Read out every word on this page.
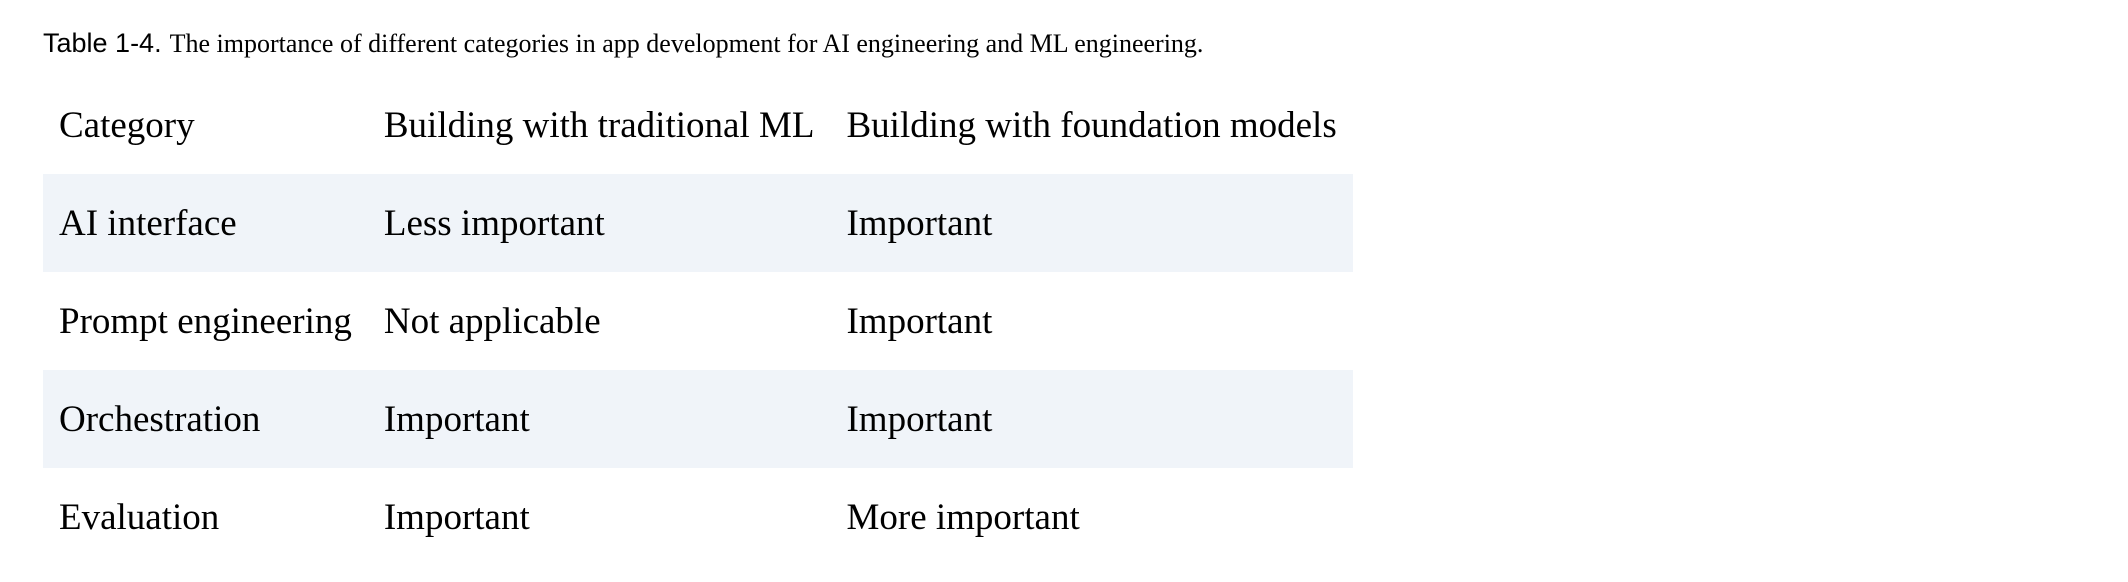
Table 1-4. The importance of different categories in app development for AI engineering and ML engineering.
Category	Building with traditional ML	Building with foundation models
AI interface	Less important	Important
Prompt engineering	Not applicable	Important
Orchestration	Important	Important
Evaluation	Important	More important
